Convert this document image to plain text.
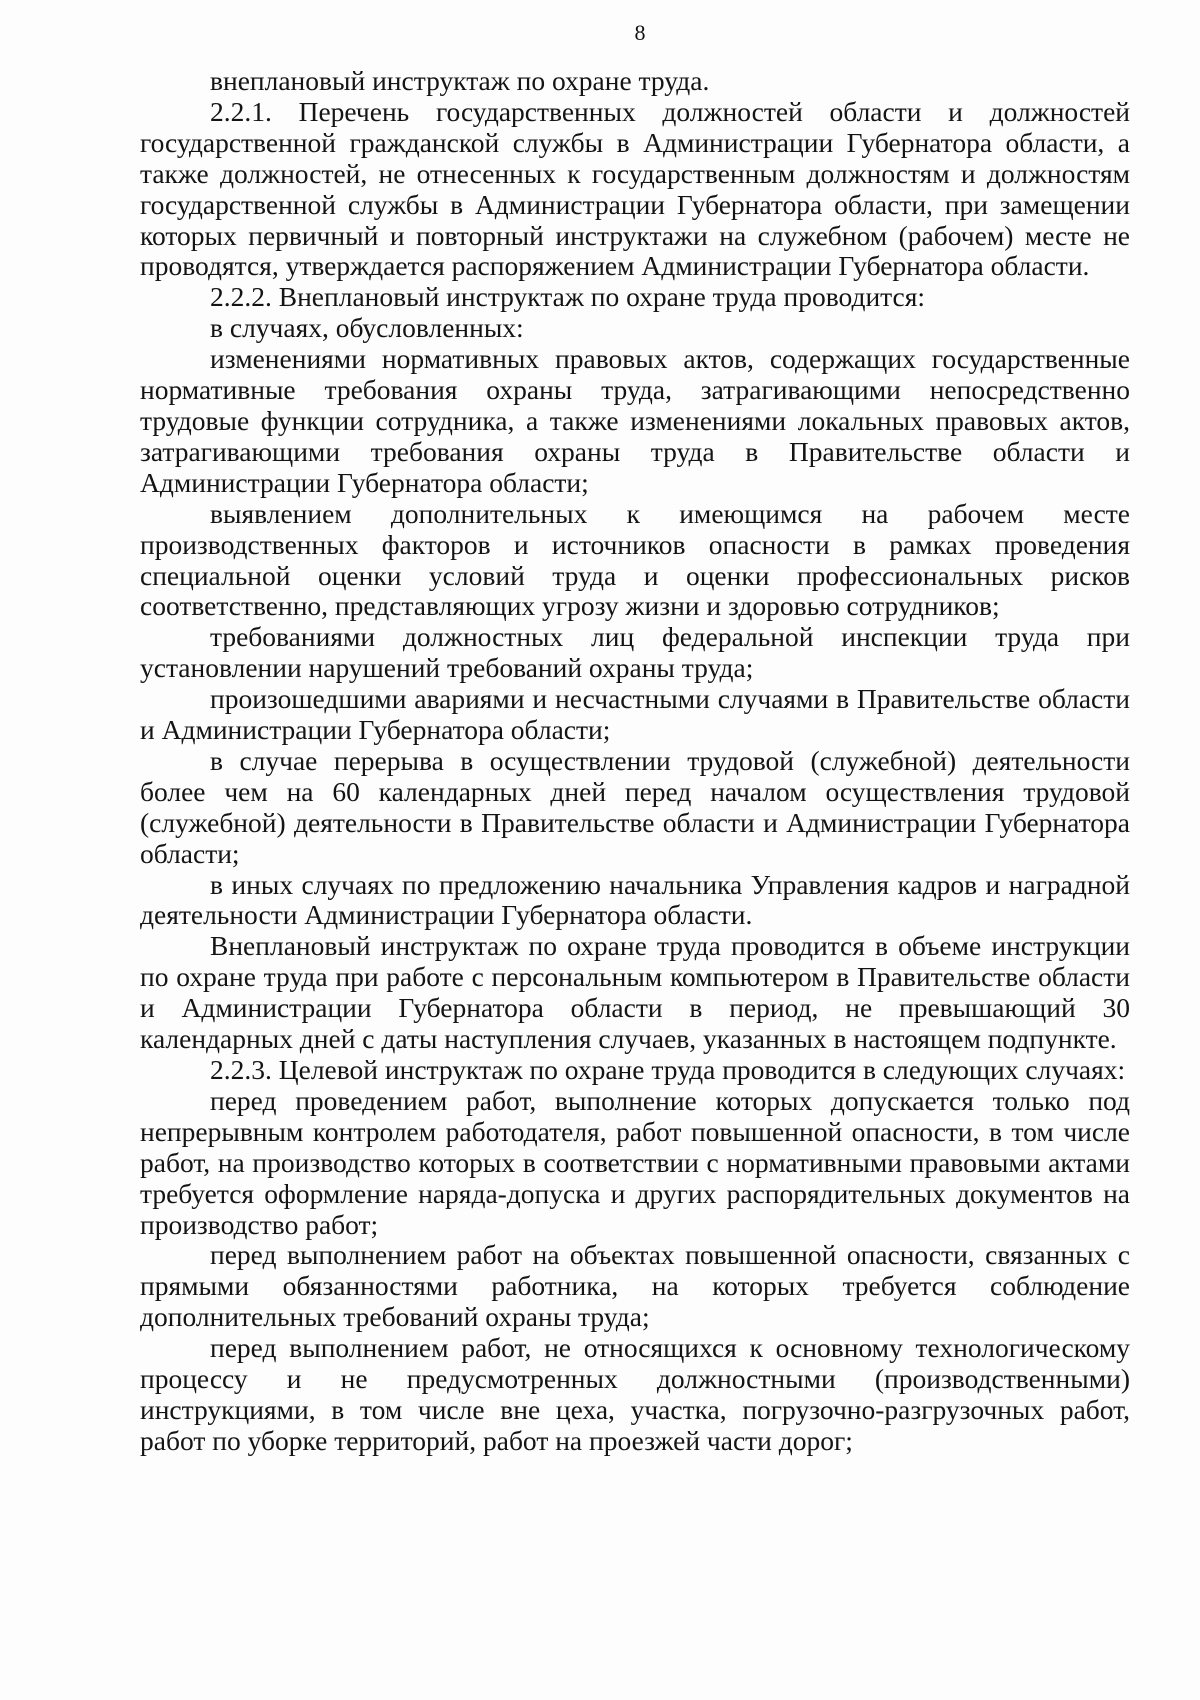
8

внеплановый инструктаж по охране труда.

2.2.1. Перечень государственных должностей области и должностей государственной гражданской службы в Администрации Губернатора области, а также должностей, не отнесенных к государственным должностям и должностям государственной службы в Администрации Губернатора области, при замещении которых первичный и повторный инструктажи на служебном (рабочем) месте не проводятся, утверждается распоряжением Администрации Губернатора области.

2.2.2. Внеплановый инструктаж по охране труда проводится:

в случаях, обусловленных:

изменениями нормативных правовых актов, содержащих государственные нормативные требования охраны труда, затрагивающими непосредственно трудовые функции сотрудника, а также изменениями локальных правовых актов, затрагивающими требования охраны труда в Правительстве области и Администрации Губернатора области;

выявлением дополнительных к имеющимся на рабочем месте производственных факторов и источников опасности в рамках проведения специальной оценки условий труда и оценки профессиональных рисков соответственно, представляющих угрозу жизни и здоровью сотрудников;

требованиями должностных лиц федеральной инспекции труда при установлении нарушений требований охраны труда;

произошедшими авариями и несчастными случаями в Правительстве области и Администрации Губернатора области;

в случае перерыва в осуществлении трудовой (служебной) деятельности более чем на 60 календарных дней перед началом осуществления трудовой (служебной) деятельности в Правительстве области и Администрации Губернатора области;

в иных случаях по предложению начальника Управления кадров и наградной деятельности Администрации Губернатора области.

Внеплановый инструктаж по охране труда проводится в объеме инструкции по охране труда при работе с персональным компьютером в Правительстве области и Администрации Губернатора области в период, не превышающий 30 календарных дней с даты наступления случаев, указанных в настоящем подпункте.

2.2.3. Целевой инструктаж по охране труда проводится в следующих случаях:

перед проведением работ, выполнение которых допускается только под непрерывным контролем работодателя, работ повышенной опасности, в том числе работ, на производство которых в соответствии с нормативными правовыми актами требуется оформление наряда-допуска и других распорядительных документов на производство работ;

перед выполнением работ на объектах повышенной опасности, связанных с прямыми обязанностями работника, на которых требуется соблюдение дополнительных требований охраны труда;

перед выполнением работ, не относящихся к основному технологическому процессу и не предусмотренных должностными (производственными) инструкциями, в том числе вне цеха, участка, погрузочно-разгрузочных работ, работ по уборке территорий, работ на проезжей части дорог;
